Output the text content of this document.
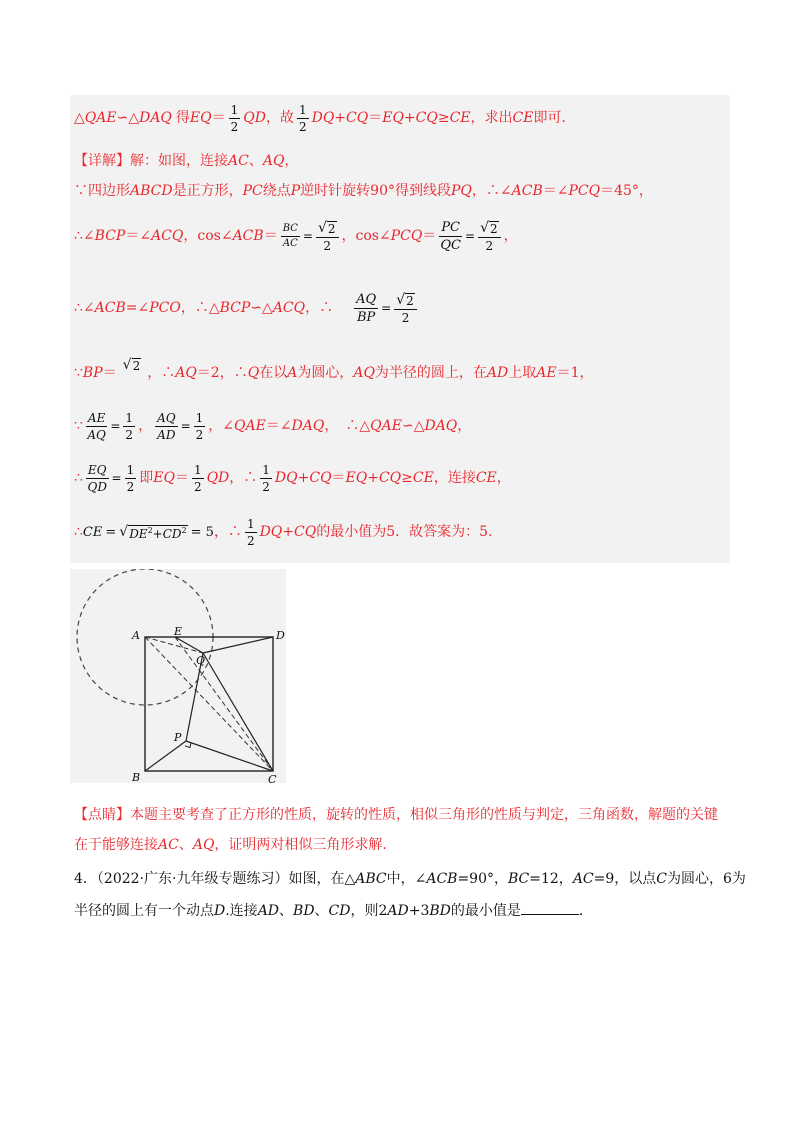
△ QAE ∽△ DAQ 得 EQ ＝ $\frac{1}{2}$ QD ，故 $\frac{1}{2} DQ+CQ = EQ+CQ$ ≥ CE ，求出 CE 即可．
【详解】 解：如图，连接 AC 、 AQ ，
∵四边形 ABCD 是正方形， PC 绕点 P 逆时针旋转90°得到线段 PQ ，∴ ∠ACB ＝ ∠PCQ ＝45°，
∴ ∠BCP ＝ ∠ACQ ，cos ∠ACB ＝ $\frac{BC}{AC} = \frac{√ 2}{2}$ ，cos ∠PCQ ＝ $\frac{PC}{QC} = \frac{√ 2}{2}$ ，
∴ ∠ACB=∠PCO ，∴△ BCP ∽△ ACQ ，∴ $\frac{AQ}{BP} = \frac{√ 2}{2}$
∵ BP ＝ √ 2 ，∴ AQ ＝2，∴ Q 在以 A 为圆心， AQ 为半径的圆上，在 AD 上取 AE ＝1，
∵ $\frac{AE}{AQ} = \frac{1}{2}$ ， $\frac{AQ}{AD} = \frac{1}{2}$ ， ∠QAE ＝ ∠DAQ ，　∴△ QAE ∽△ DAQ ，
∴ $\frac{EQ}{QD} = \frac{1}{2}$ 即 EQ ＝ $\frac{1}{2}$ QD ，∴ $\frac{1}{2} DQ+CQ = EQ+CQ$ ≥ CE ，连接 CE ，
∴ CE = √ $DE^2+CD^2 = 5$ ，∴ $\frac{1}{2} DQ+CQ$ 的最小值为5．故答案为：5．
A	E	D
Q
P
B	C
【点睛】 本题主要考查了正方形的性质，旋转的性质，相似三角形的性质与判定，三角函数，解题的关键
在于能够连接 AC 、 AQ ，证明两对相似三角形求解.
4．（2022·广东·九年级专题练习）如图，在△ABC中，∠ACB=90°，BC=12，AC=9，以点C为圆心，6为
半径的圆上有一个动点D.连接AD、BD、CD，则2AD+3BD的最小值是	．
